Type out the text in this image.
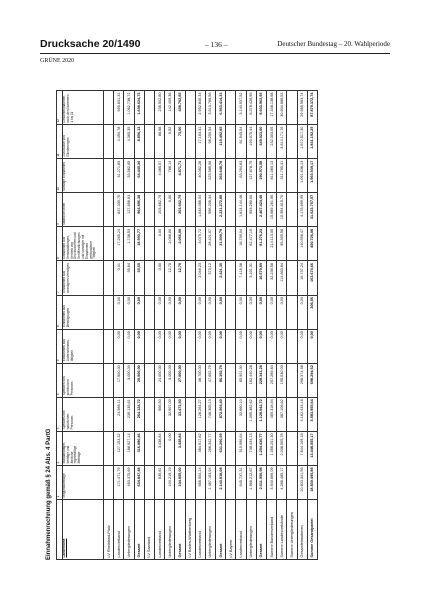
Drucksache 20/1490	– 136 –	Deutscher Bundestag – 20. Wahlperiode
GRÜNE 2020
Einnahmenrechnung gemäß § 24 Abs. 4 PartG
	1	2	3	4	5	6	7	8	9	10	11	12
Ländername	Mitgliedsbeiträge	Mandatsträger-beiträge und ähnliche regelmäßige Beiträge	Spenden von natürlichen Personen	Spenden von juristischen Personen	Einnahmen aus Unternehmens-tätigkeit	Einnahmen aus Beteiligungen	Einnahmen aus sonstigem Vermögen	Einnahmen aus Veranstaltungen, Vertrieb von Druckschriften und Veröffentlichungen und sonstiger mit Einnahmen verbundener Tätigkeit	staatliche Mittel	sonstige Einnahmen	Zuschüsse von Gliederungen	Gesamteinnahmen nach den Nummern 1 bis 11
LV Rheinland-Pfalz												
Landesverband	171.471,79	127.153,32	24.989,11	17.500,00	0,00	0,00	0,01	17.265,24	837.339,75	31.271,83	4.490,78	695.831,31
Untergliederungen	463.375,69	188.927,14	239.135,61	3.000,00	0,00	0,00	35,64	1.738,53	127.696,63	33.562,65	4.365,35	1.062.738,72
Gesamt	634.847,48	316.080,46	264.124,72	20.500,00	0,00	0,00	35,65	18.993,77	964.896,38	64.445,36	8.856,13	1.698.624,73
LV Saarland												
Landesverband	635,81	3.438,84	566,50	24.000,00	0,00	0,00	0,00	0,00	203.662,79	4.085,57	86,68	236.502,80
Untergliederungen	104.219,19	0,00	32.907,00	3.000,00	0,00	0,00	12,70	2.066,00	0,00	786,14	0,52	142.409,36
Gesamt	104.855,00	3.438,84	33.473,50	27.000,00	0,00	0,00	12,70	2.066,00	203.662,79	4.871,71	73,00	458.702,85
LV Baden-Württemberg												
Landesverband	666.554,14	364.917,82	126.264,27	38.700,00	0,00	0,00	2.048,23	3.079,72	1.633.068,04	40.062,26	17.163,31	2.952.846,33
Untergliederungen	1.487.163,94	266.342,77	746.305,13	47.692,79	0,00	0,00	373,12	28.421,07	598.206,34	225.585,06	98.259,54	3.610.766,56
Gesamt	2.143.818,08	631.260,59	872.569,40	86.392,79	0,00	0,00	2.421,35	31.500,79	2.231.272,88	265.648,78	115.492,85	6.563.414,33
LV Bayern												
Landesverband	645.737,31	515.996,64	32.660,10	65.901,00	0,00	0,00	7.418,58	18.799,04	1.814.144,48	63.294,83	81.945,54	3.140.937,52
Untergliederungen	1.966.212,67	738.434,13	1.095.382,62	162.440,28	0,00	0,00	3.161,31	62.477,19	593.280,00	127.678,75	193.075,44	5.378.426,95
Gesamt	2.611.950,98	1.254.430,77	1.128.042,72	228.341,28	0,00	0,00	10.579,89	81.276,23	2.407.424,48	190.973,58	349.023,00	8.603.962,95
Summe Bundesverband	3.940.669,09	1.356.201,30	469.318,94	207.289,84	0,00	0,00	32.236,58	214.113,05	15.689.261,96	811.080,13	232.303,05	17.348.138,68
Summe Landesverbände	4.286.485,17	2.038.505,78	387.106,62	195.030,00	0,00	0,00	114.663,84	95.395,56	10.954.615,70	311.790,31	3.614.171,76	30.604.686,53
Summe Untergliederungen												
Gesamteinnahmen	10.603.341,56	7.644.109,18	4.162.433,16	296.374,98	0,00	0,00	16.737,24	140.596,47	4.176.699,99	1.091.638,13	1.672.517,30	29.985.563,74
Summe Gesamtpartei	18.830.495,88	13.448.555,17	5.583.955,64	698.294,62	0,00	306,56	163.674,66	450.726,08	31.623.757,57	1.965.939,17	1.831.192,29	87.879.372,74
